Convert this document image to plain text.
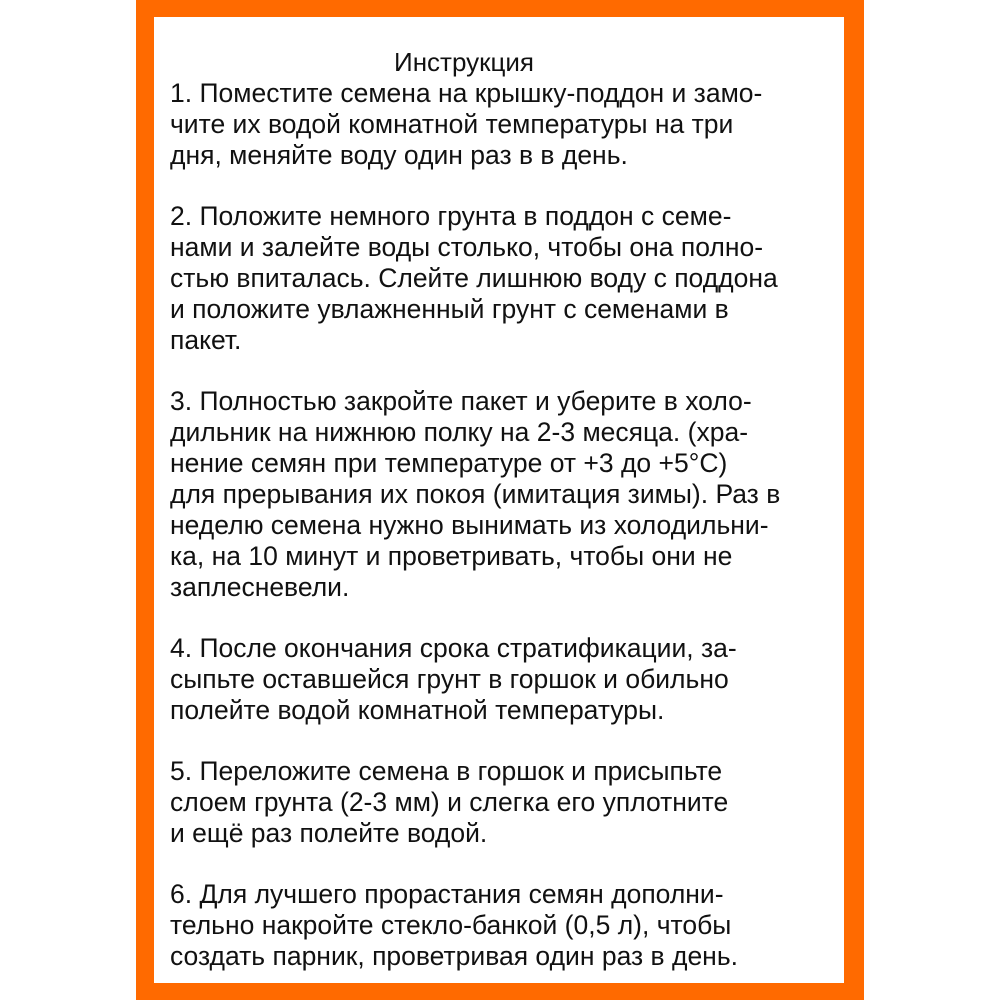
Инструкция

1. Поместите семена на крышку-поддон и замо-
чите их водой комнатной температуры на три
дня, меняйте воду один раз в в день.

2. Положите немного грунта в поддон с семе-
нами и залейте воды столько, чтобы она полно-
стью впиталась. Слейте лишнюю воду с поддона
и положите увлажненный грунт с семенами в
пакет.

3. Полностью закройте пакет и уберите в холо-
дильник на нижнюю полку на 2-3 месяца. (хра-
нение семян при температуре от +3 до +5°С)
для прерывания их покоя (имитация зимы). Раз в
неделю семена нужно вынимать из холодильни-
ка, на 10 минут и проветривать, чтобы они не
заплесневели.

4. После окончания срока стратификации, за-
сыпьте оставшейся грунт в горшок и обильно
полейте водой комнатной температуры.

5. Переложите семена в горшок и присыпьте
слоем грунта (2-3 мм) и слегка его уплотните
и ещё раз полейте водой.

6. Для лучшего прорастания семян дополни-
тельно накройте стекло-банкой (0,5 л), чтобы
создать парник, проветривая один раз в день.
